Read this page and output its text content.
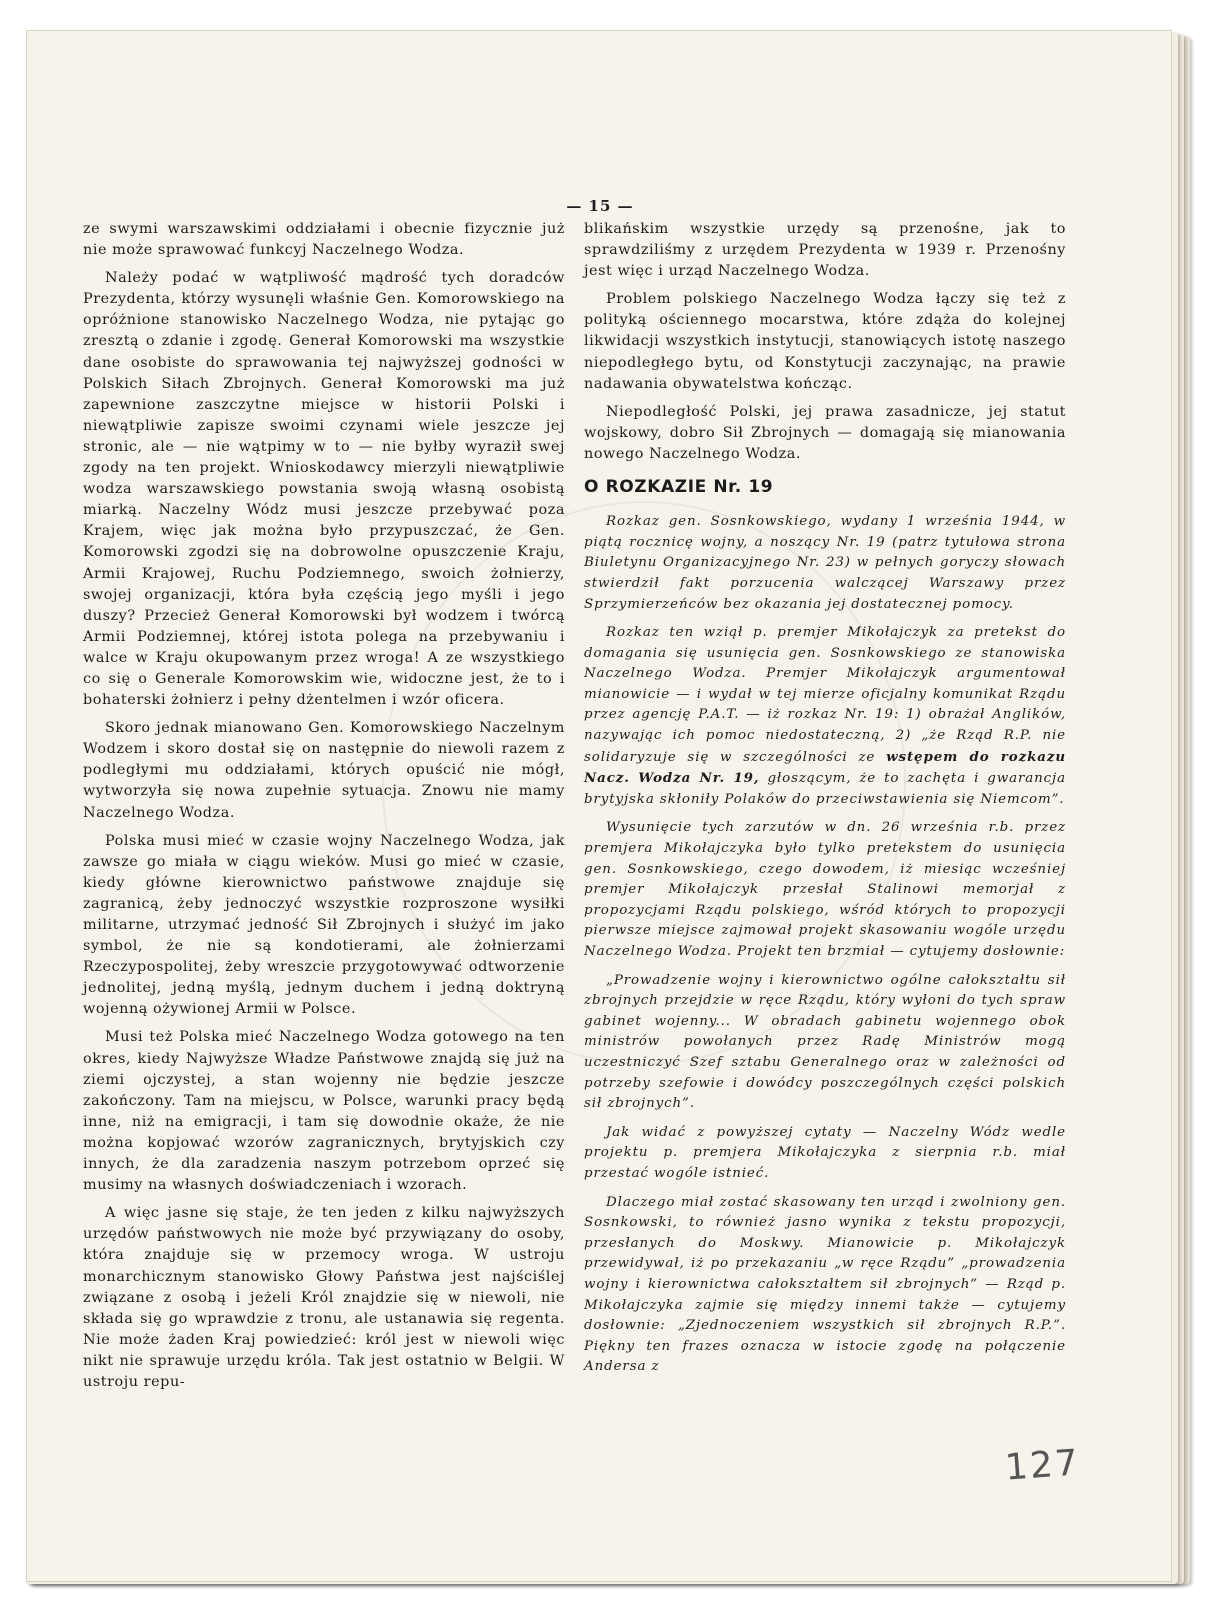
— 15 —

ze swymi warszawskimi oddziałami i obecnie fizycznie już nie może sprawować funkcyj Naczelnego Wodza.

Należy podać w wątpliwość mądrość tych doradców Prezydenta, którzy wysunęli właśnie Gen. Komorowskiego na opróżnione stanowisko Naczelnego Wodza, nie pytając go zresztą o zdanie i zgodę. Generał Komorowski ma wszystkie dane osobiste do sprawowania tej najwyższej godności w Polskich Siłach Zbrojnych. Generał Komorowski ma już zapewnione zaszczytne miejsce w historii Polski i niewątpliwie zapisze swoimi czynami wiele jeszcze jej stronic, ale — nie wątpimy w to — nie byłby wyraził swej zgody na ten projekt. Wnioskodawcy mierzyli niewątpliwie wodza warszawskiego powstania swoją własną osobistą miarką. Naczelny Wódz musi jeszcze przebywać poza Krajem, więc jak można było przypuszczać, że Gen. Komorowski zgodzi się na dobrowolne opuszczenie Kraju, Armii Krajowej, Ruchu Podziemnego, swoich żołnierzy, swojej organizacji, która była częścią jego myśli i jego duszy? Przecież Generał Komorowski był wodzem i twórcą Armii Podziemnej, której istota polega na przebywaniu i walce w Kraju okupowanym przez wroga! A ze wszystkiego co się o Generale Komorowskim wie, widoczne jest, że to i bohaterski żołnierz i pełny dżentelmen i wzór oficera.

Skoro jednak mianowano Gen. Komorowskiego Naczelnym Wodzem i skoro dostał się on następnie do niewoli razem z podległymi mu oddziałami, których opuścić nie mógł, wytworzyła się nowa zupełnie sytuacja. Znowu nie mamy Naczelnego Wodza.

Polska musi mieć w czasie wojny Naczelnego Wodza, jak zawsze go miała w ciągu wieków. Musi go mieć w czasie, kiedy główne kierownictwo państwowe znajduje się zagranicą, żeby jednoczyć wszystkie rozproszone wysiłki militarne, utrzymać jedność Sił Zbrojnych i służyć im jako symbol, że nie są kondotierami, ale żołnierzami Rzeczypospolitej, żeby wreszcie przygotowywać odtworzenie jednolitej, jedną myślą, jednym duchem i jedną doktryną wojenną ożywionej Armii w Polsce.

Musi też Polska mieć Naczelnego Wodza gotowego na ten okres, kiedy Najwyższe Władze Państwowe znajdą się już na ziemi ojczystej, a stan wojenny nie będzie jeszcze zakończony. Tam na miejscu, w Polsce, warunki pracy będą inne, niż na emigracji, i tam się dowodnie okaże, że nie można kopjować wzorów zagranicznych, brytyjskich czy innych, że dla zaradzenia naszym potrzebom oprzeć się musimy na własnych doświadczeniach i wzorach.

A więc jasne się staje, że ten jeden z kilku najwyższych urzędów państwowych nie może być przywiązany do osoby, która znajduje się w przemocy wroga. W ustroju monarchicznym stanowisko Głowy Państwa jest najściślej związane z osobą i jeżeli Król znajdzie się w niewoli, nie składa się go wprawdzie z tronu, ale ustanawia się regenta. Nie może żaden Kraj powiedzieć: król jest w niewoli więc nikt nie sprawuje urzędu króla. Tak jest ostatnio w Belgii. W ustroju repu-

blikańskim wszystkie urzędy są przenośne, jak to sprawdziliśmy z urzędem Prezydenta w 1939 r. Przenośny jest więc i urząd Naczelnego Wodza.

Problem polskiego Naczelnego Wodza łączy się też z polityką ościennego mocarstwa, które zdąża do kolejnej likwidacji wszystkich instytucji, stanowiących istotę naszego niepodległego bytu, od Konstytucji zaczynając, na prawie nadawania obywatelstwa kończąc.

Niepodległość Polski, jej prawa zasadnicze, jej statut wojskowy, dobro Sił Zbrojnych — domagają się mianowania nowego Naczelnego Wodza.

O ROZKAZIE Nr. 19

Rozkaz gen. Sosnkowskiego, wydany 1 września 1944, w piątą rocznicę wojny, a noszący Nr. 19 (patrz tytułowa strona Biuletynu Organizacyjnego Nr. 23) w pełnych goryczy słowach stwierdził fakt porzucenia walczącej Warszawy przez Sprzymierzeńców bez okazania jej dostatecznej pomocy.

Rozkaz ten wziął p. premjer Mikołajczyk za pretekst do domagania się usunięcia gen. Sosnkowskiego ze stanowiska Naczelnego Wodza. Premjer Mikołajczyk argumentował mianowicie — i wydał w tej mierze oficjalny komunikat Rządu przez agencję P.A.T. — iż rozkaz Nr. 19: 1) obrażał Anglików, nazywając ich pomoc niedostateczną, 2) „że Rząd R.P. nie solidaryzuje się w szczególności ze wstępem do rozkazu Nacz. Wodza Nr. 19, głoszącym, że to zachęta i gwarancja brytyjska skłoniły Polaków do przeciwstawienia się Niemcom”.

Wysunięcie tych zarzutów w dn. 26 września r.b. przez premjera Mikołajczyka było tylko pretekstem do usunięcia gen. Sosnkowskiego, czego dowodem, iż miesiąc wcześniej premjer Mikołajczyk przesłał Stalinowi memorjał z propozycjami Rządu polskiego, wśród których to propozycji pierwsze miejsce zajmował projekt skasowaniu wogóle urzędu Naczelnego Wodza. Projekt ten brzmiał — cytujemy dosłownie:

„Prowadzenie wojny i kierownictwo ogólne całokształtu sił zbrojnych przejdzie w ręce Rządu, który wyłoni do tych spraw gabinet wojenny... W obradach gabinetu wojennego obok ministrów powołanych przez Radę Ministrów mogą uczestniczyć Szef sztabu Generalnego oraz w zależności od potrzeby szefowie i dowódcy poszczególnych części polskich sił zbrojnych”.

Jak widać z powyższej cytaty — Naczelny Wódz wedle projektu p. premjera Mikołajczyka z sierpnia r.b. miał przestać wogóle istnieć.

Dlaczego miał zostać skasowany ten urząd i zwolniony gen. Sosnkowski, to również jasno wynika z tekstu propozycji, przesłanych do Moskwy. Mianowicie p. Mikołajczyk przewidywał, iż po przekazaniu „w ręce Rządu” „prowadzenia wojny i kierownictwa całokształtem sił zbrojnych” — Rząd p. Mikołajczyka zajmie się między innemi także — cytujemy dosłownie: „Zjednoczeniem wszystkich sił zbrojnych R.P.”. Piękny ten frazes oznacza w istocie zgodę na połączenie Andersa z

127
